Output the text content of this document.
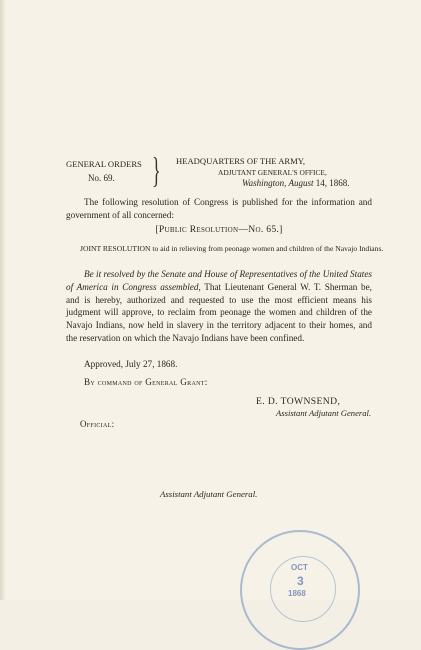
GENERAL ORDERS
No. 69.	} HEADQUARTERS OF THE ARMY,
ADJUTANT GENERAL'S OFFICE,
Washington, August 14, 1868.
The following resolution of Congress is published for the information and government of all concerned:
[Public Resolution—No. 65.]
JOINT RESOLUTION to aid in relieving from peonage women and children of the Navajo Indians.
Be it resolved by the Senate and House of Representatives of the United States of America in Congress assembled, That Lieutenant General W. T. Sherman be, and is hereby, authorized and requested to use the most efficient means his judgment will approve, to reclaim from peonage the women and children of the Navajo Indians, now held in slavery in the territory adjacent to their homes, and the reservation on which the Navajo Indians have been confined.
Approved, July 27, 1868.
By command of General Grant:
E. D. TOWNSEND,
Assistant Adjutant General.
Official:
Assistant Adjutant General.
OCT
3
1868
